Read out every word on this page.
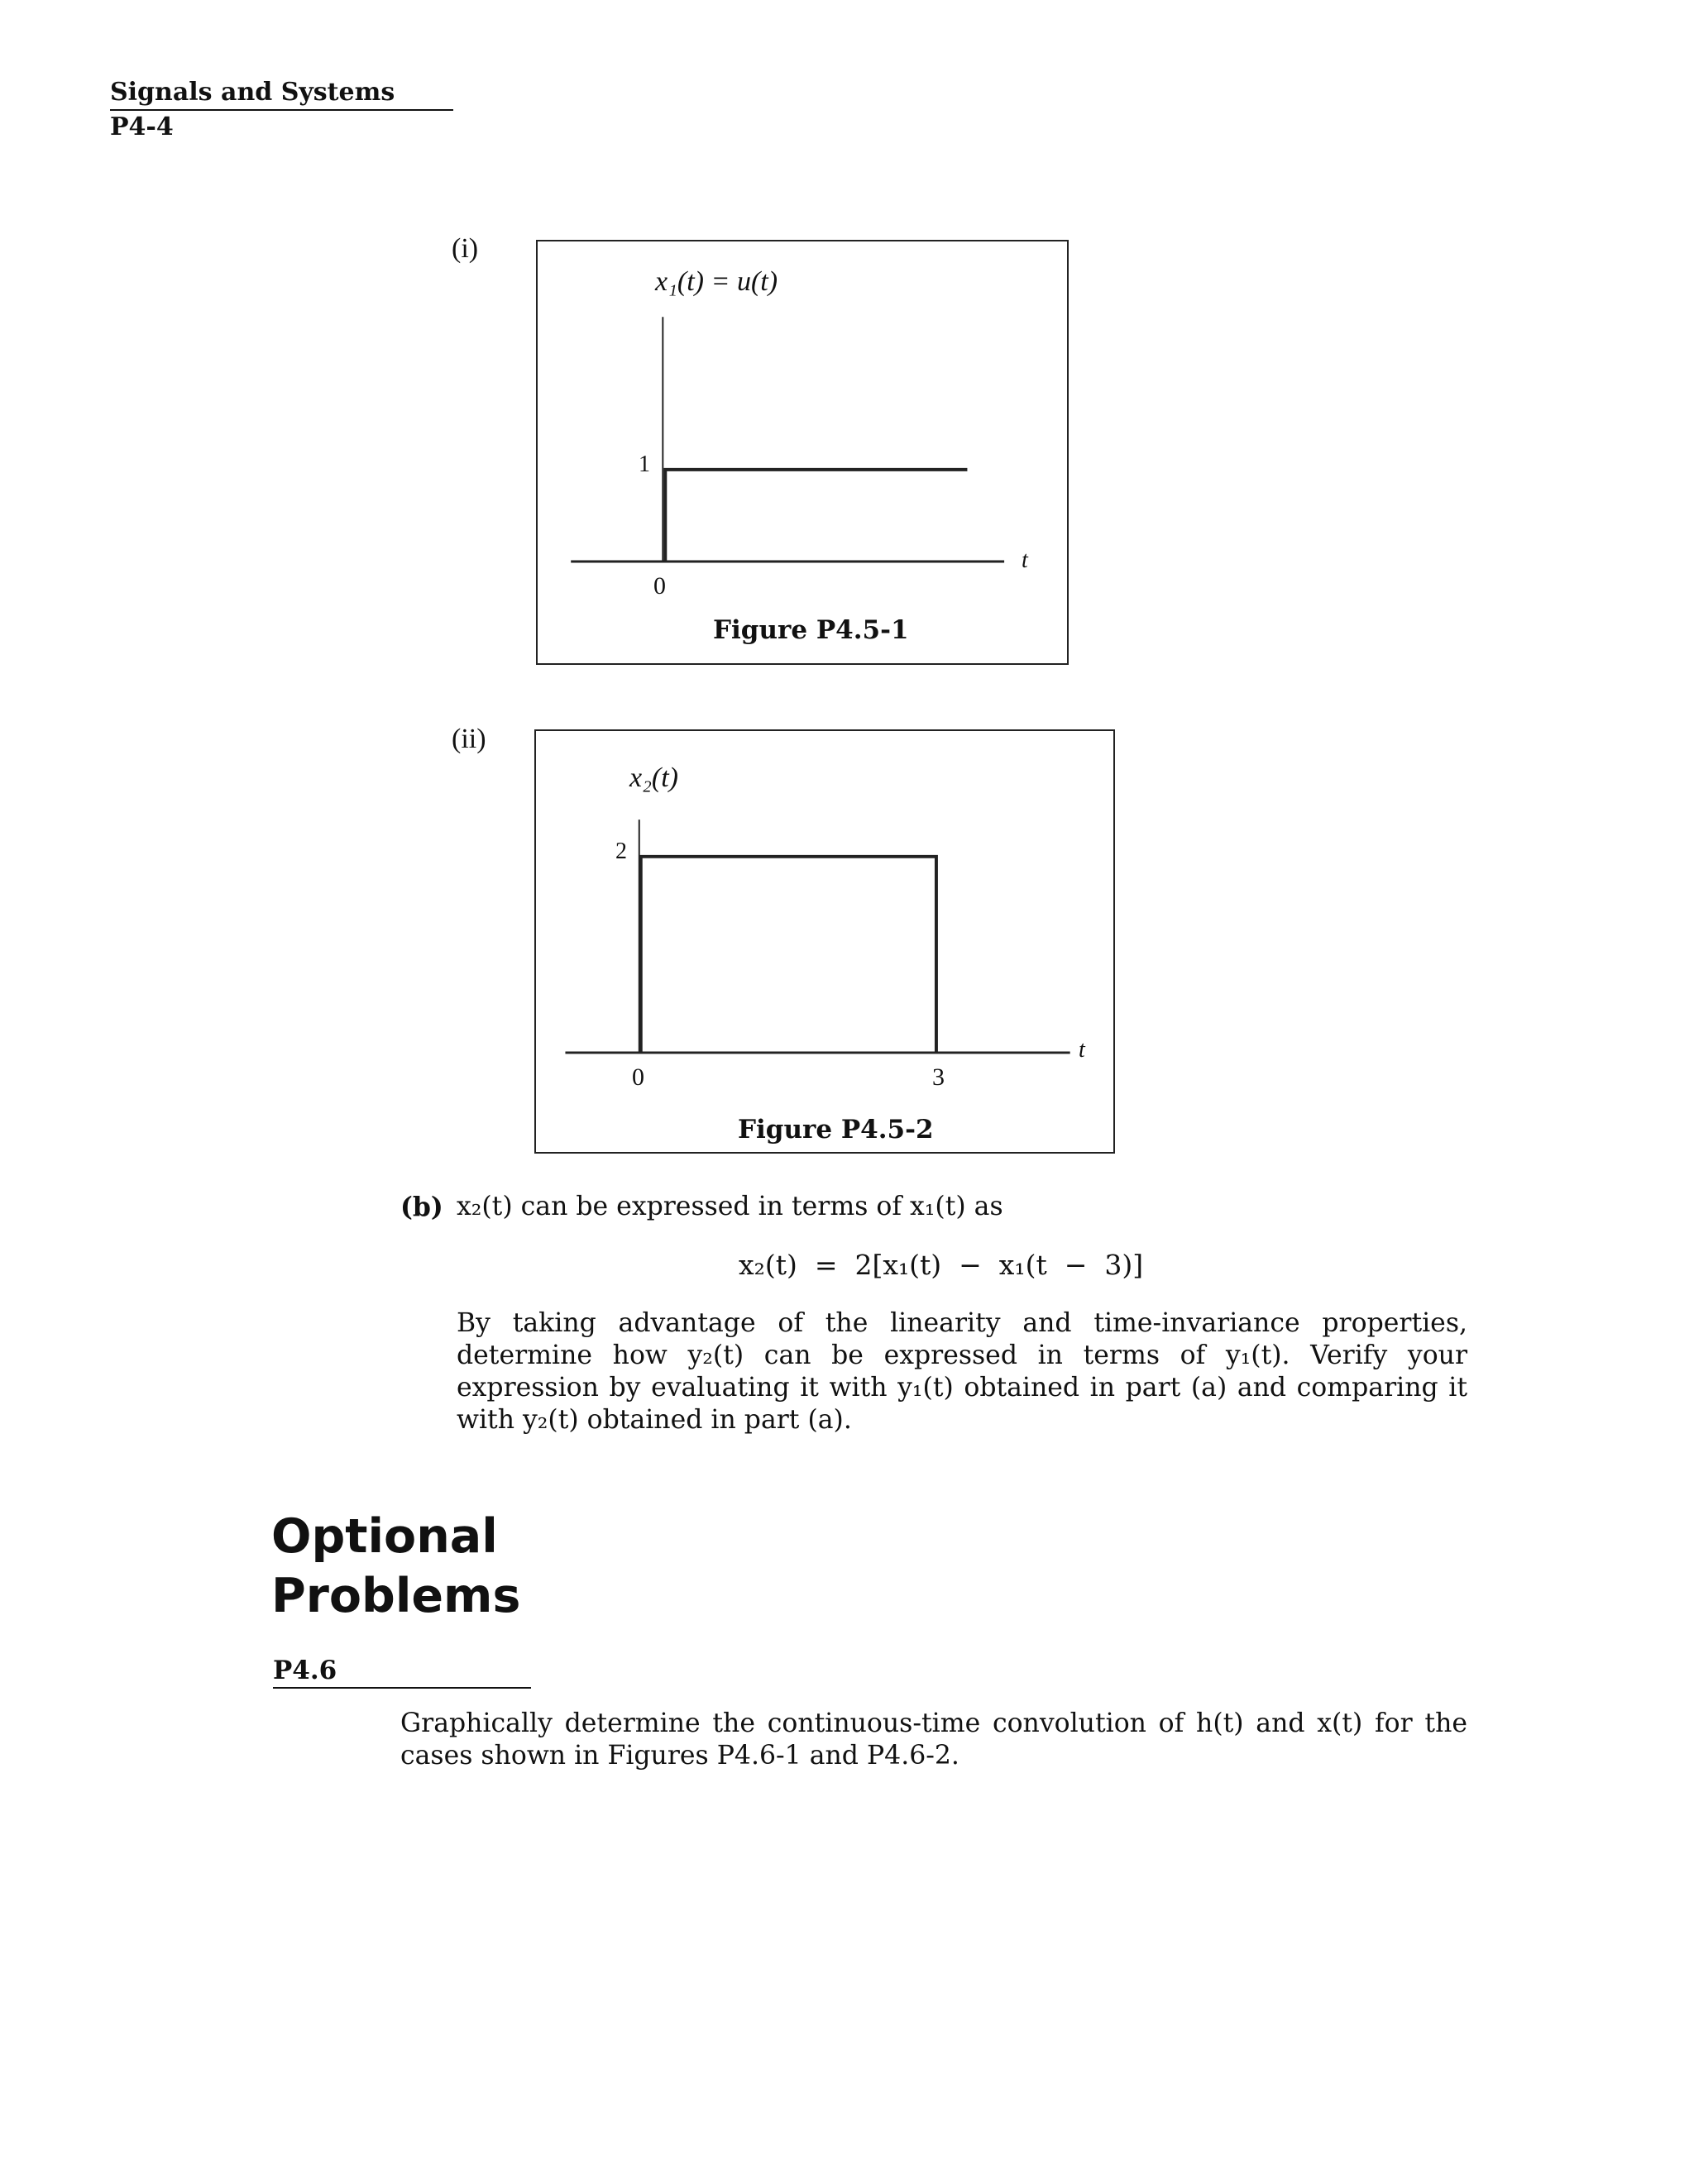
Signals and Systems
P4-4
(i)
x₁(t) = u(t)
1
0
t
Figure P4.5-1
(ii)
x₂(t)
2
0	3
t
Figure P4.5-2
(b) x₂(t) can be expressed in terms of x₁(t) as
x₂(t)  =  2[x₁(t)  −  x₁(t  −  3)]
By taking advantage of the linearity and time-invariance properties, determine how y₂(t) can be expressed in terms of y₁(t). Verify your expression by evaluating it with y₁(t) obtained in part (a) and comparing it with y₂(t) obtained in part (a).
Optional
Problems
P4.6
Graphically determine the continuous-time convolution of h(t) and x(t) for the cases shown in Figures P4.6-1 and P4.6-2.
